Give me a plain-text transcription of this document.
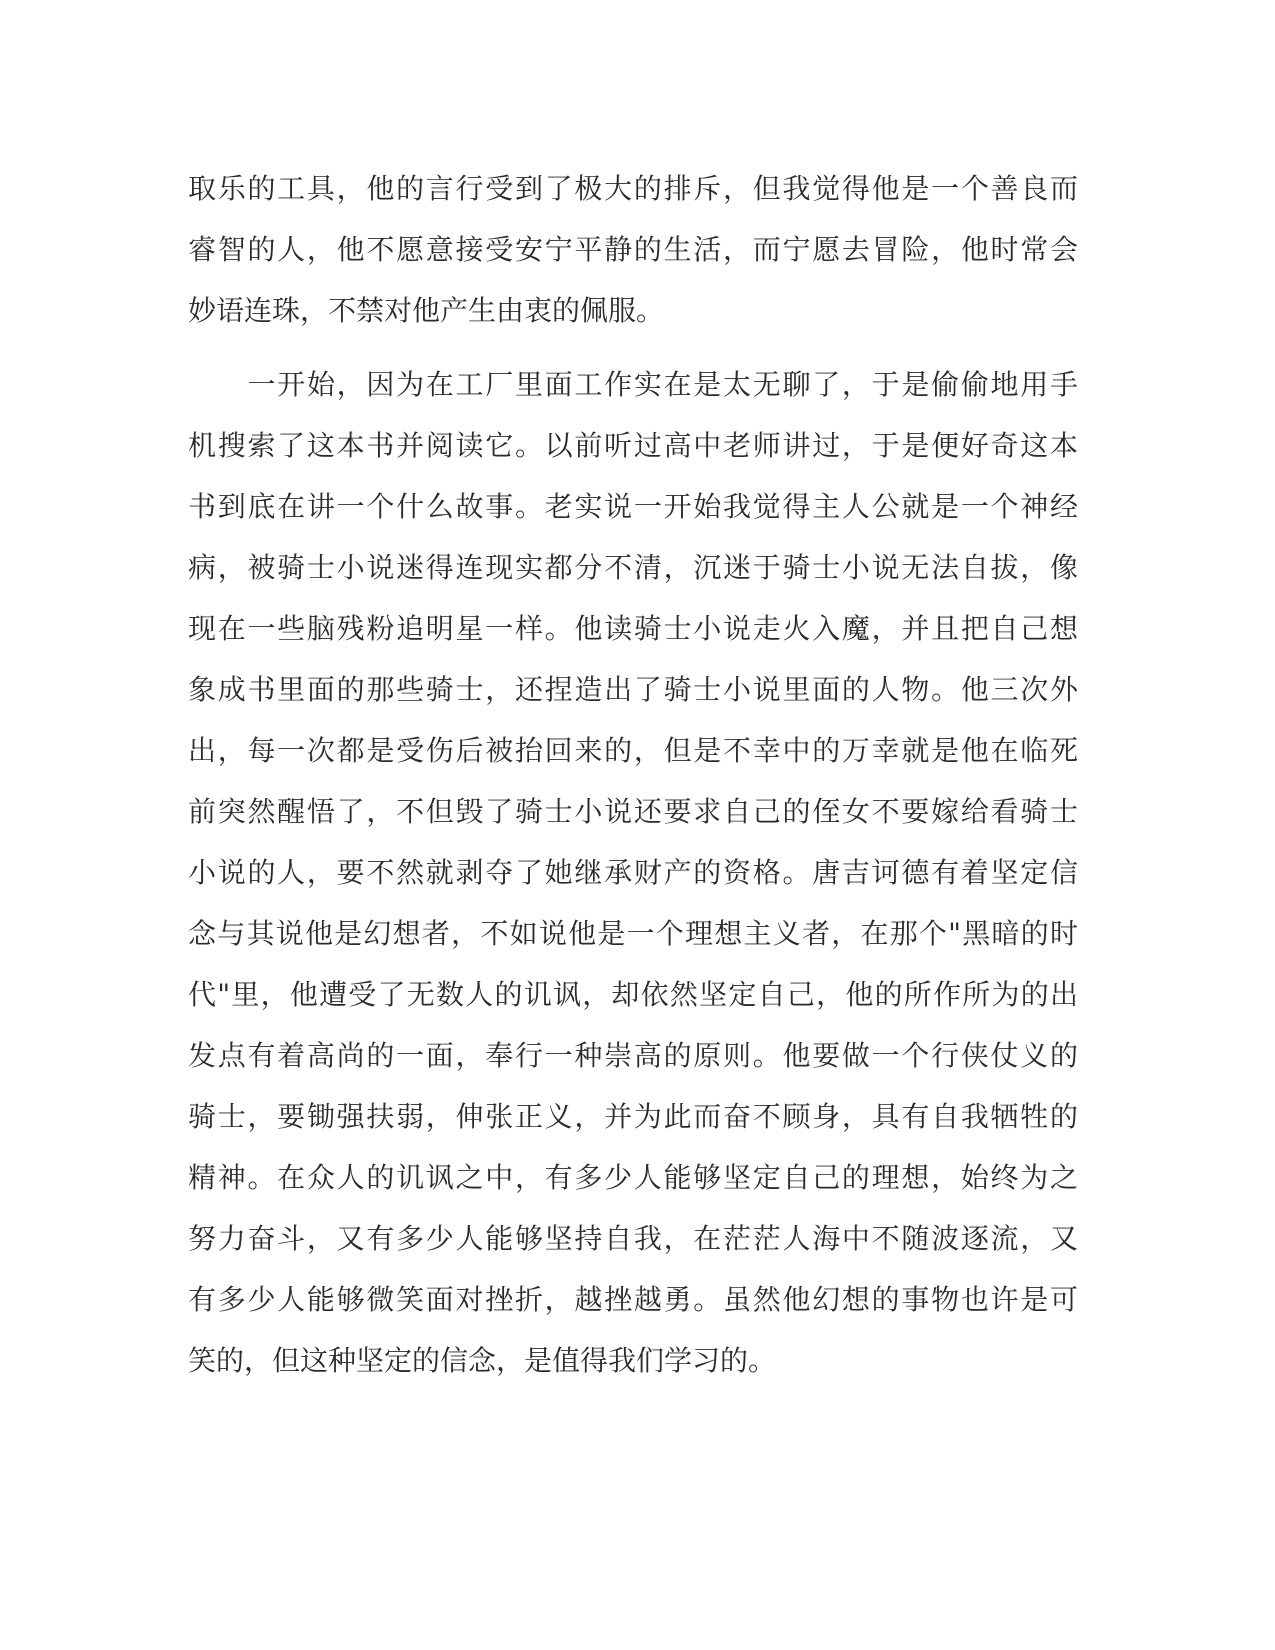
取乐的工具，他的言行受到了极大的排斥，但我觉得他是一个善良而
睿智的人，他不愿意接受安宁平静的生活，而宁愿去冒险，他时常会
妙语连珠，不禁对他产生由衷的佩服。
　　一开始，因为在工厂里面工作实在是太无聊了，于是偷偷地用手
机搜索了这本书并阅读它。以前听过高中老师讲过，于是便好奇这本
书到底在讲一个什么故事。老实说一开始我觉得主人公就是一个神经
病，被骑士小说迷得连现实都分不清，沉迷于骑士小说无法自拔，像
现在一些脑残粉追明星一样。他读骑士小说走火入魔，并且把自己想
象成书里面的那些骑士，还捏造出了骑士小说里面的人物。他三次外
出，每一次都是受伤后被抬回来的，但是不幸中的万幸就是他在临死
前突然醒悟了，不但毁了骑士小说还要求自己的侄女不要嫁给看骑士
小说的人，要不然就剥夺了她继承财产的资格。唐吉诃德有着坚定信
念与其说他是幻想者，不如说他是一个理想主义者，在那个"黑暗的时
代"里，他遭受了无数人的讥讽，却依然坚定自己，他的所作所为的出
发点有着高尚的一面，奉行一种崇高的原则。他要做一个行侠仗义的
骑士，要锄强扶弱，伸张正义，并为此而奋不顾身，具有自我牺牲的
精神。在众人的讥讽之中，有多少人能够坚定自己的理想，始终为之
努力奋斗，又有多少人能够坚持自我，在茫茫人海中不随波逐流，又
有多少人能够微笑面对挫折，越挫越勇。虽然他幻想的事物也许是可
笑的，但这种坚定的信念，是值得我们学习的。
